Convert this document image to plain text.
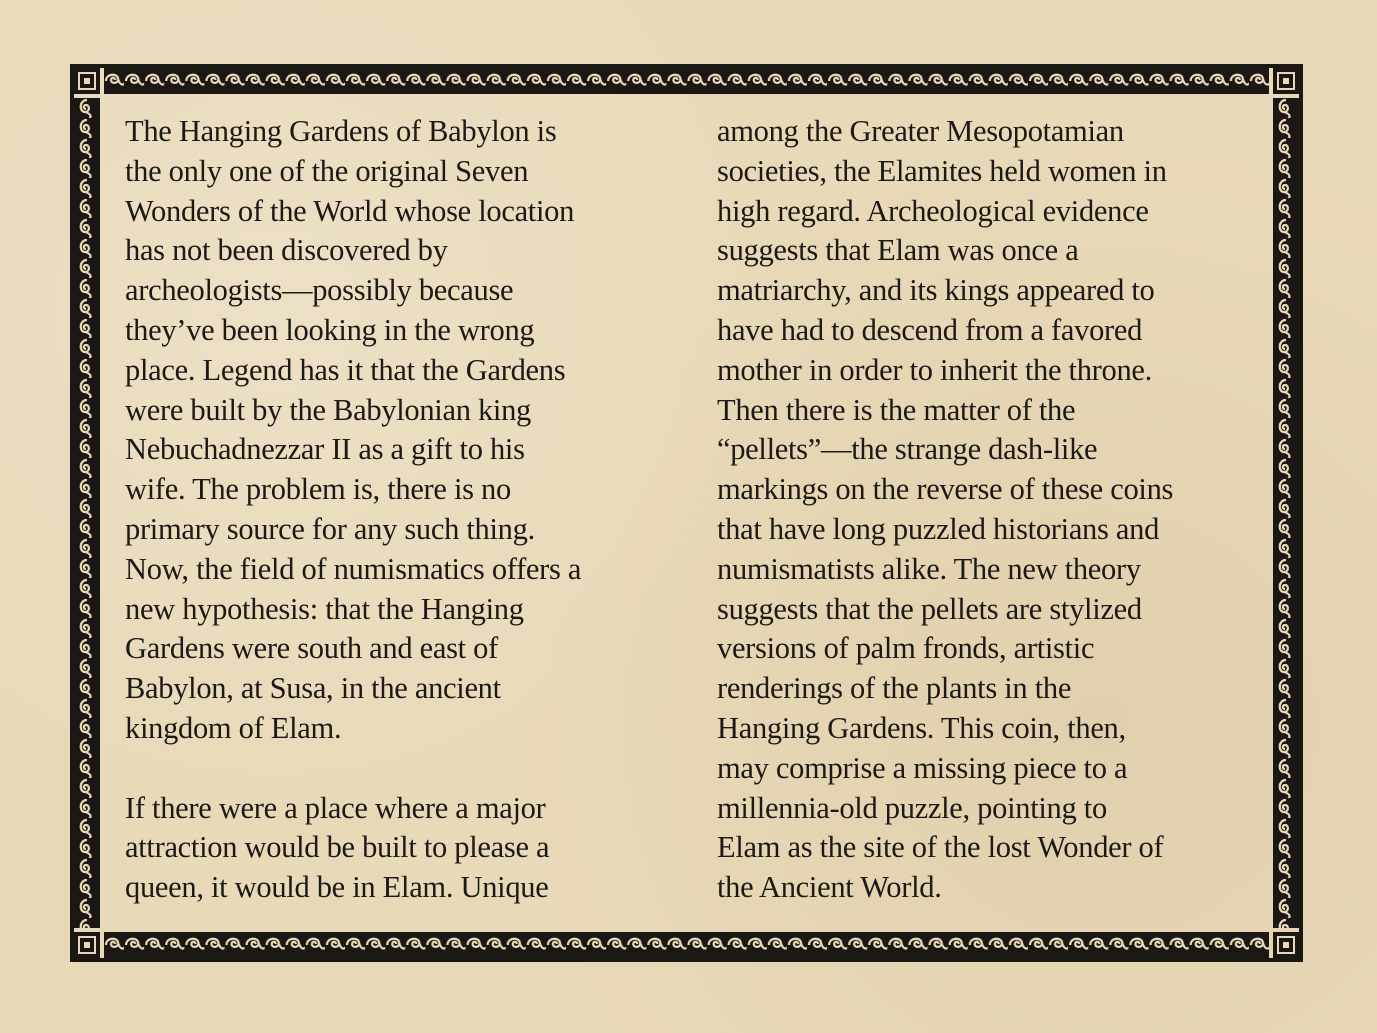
The Hanging Gardens of Babylon is
the only one of the original Seven
Wonders of the World whose location
has not been discovered by
archeologists—possibly because
they’ve been looking in the wrong
place. Legend has it that the Gardens
were built by the Babylonian king
Nebuchadnezzar II as a gift to his
wife. The problem is, there is no
primary source for any such thing.
Now, the field of numismatics offers a
new hypothesis: that the Hanging
Gardens were south and east of
Babylon, at Susa, in the ancient
kingdom of Elam.
If there were a place where a major
attraction would be built to please a
queen, it would be in Elam. Unique
among the Greater Mesopotamian
societies, the Elamites held women in
high regard. Archeological evidence
suggests that Elam was once a
matriarchy, and its kings appeared to
have had to descend from a favored
mother in order to inherit the throne.
Then there is the matter of the
“pellets”—the strange dash-like
markings on the reverse of these coins
that have long puzzled historians and
numismatists alike. The new theory
suggests that the pellets are stylized
versions of palm fronds, artistic
renderings of the plants in the
Hanging Gardens. This coin, then,
may comprise a missing piece to a
millennia-old puzzle, pointing to
Elam as the site of the lost Wonder of
the Ancient World.
